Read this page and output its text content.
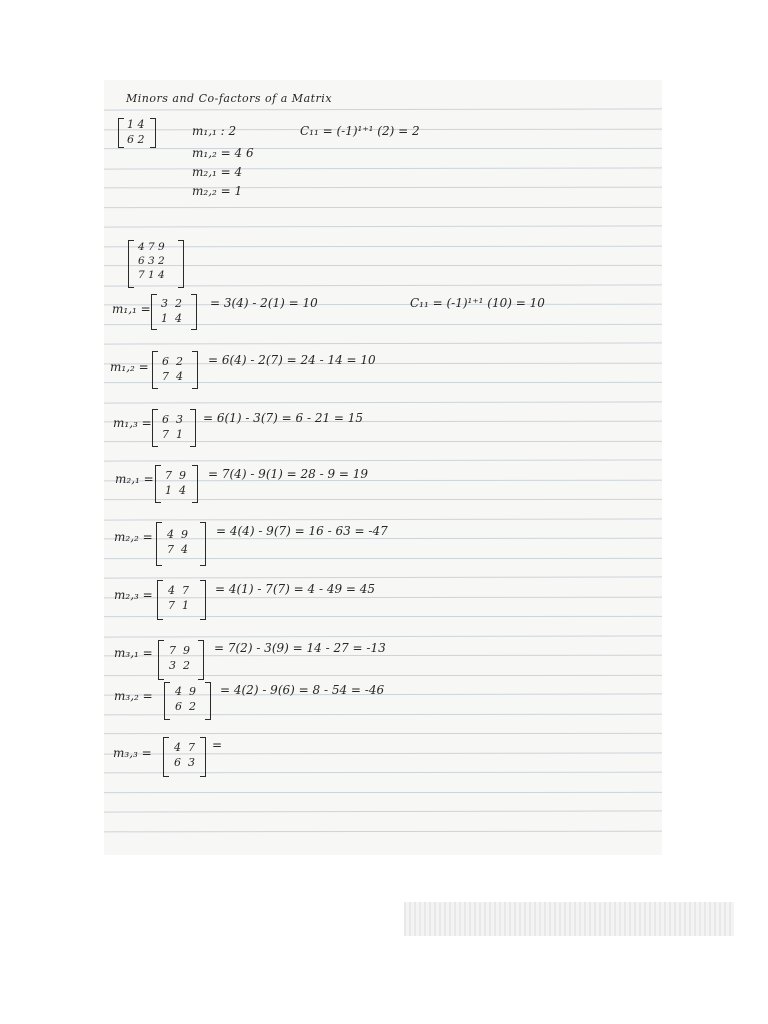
Minors and Co-factors of a Matrix
1 4
6 2
m₁,₁ : 2
m₁,₂ = 4 6
m₂,₁ = 4
m₂,₂ = 1
C₁₁ = (-1)¹⁺¹ (2) = 2
4 7 9
6 3 2
7 1 4
m₁,₁ = 3  2
1  4
= 3(4) - 2(1) = 10	C₁₁ = (-1)¹⁺¹ (10) = 10
m₁,₂ = 6  2
7  4
= 6(4) - 2(7) = 24 - 14 = 10
m₁,₃ = 6  3
7  1
= 6(1) - 3(7) = 6 - 21 = 15
m₂,₁ = 7  9
1  4
= 7(4) - 9(1) = 28 - 9 = 19
m₂,₂ = 4  9
7  4
= 4(4) - 9(7) = 16 - 63 = -47
m₂,₃ = 4  7
7  1
= 4(1) - 7(7) = 4 - 49 = 45
m₃,₁ = 7  9
3  2
= 7(2) - 3(9) = 14 - 27 = -13
m₃,₂ = 4  9
6  2
= 4(2) - 9(6) = 8 - 54 = -46
m₃,₃ = 4  7
6  3
=
